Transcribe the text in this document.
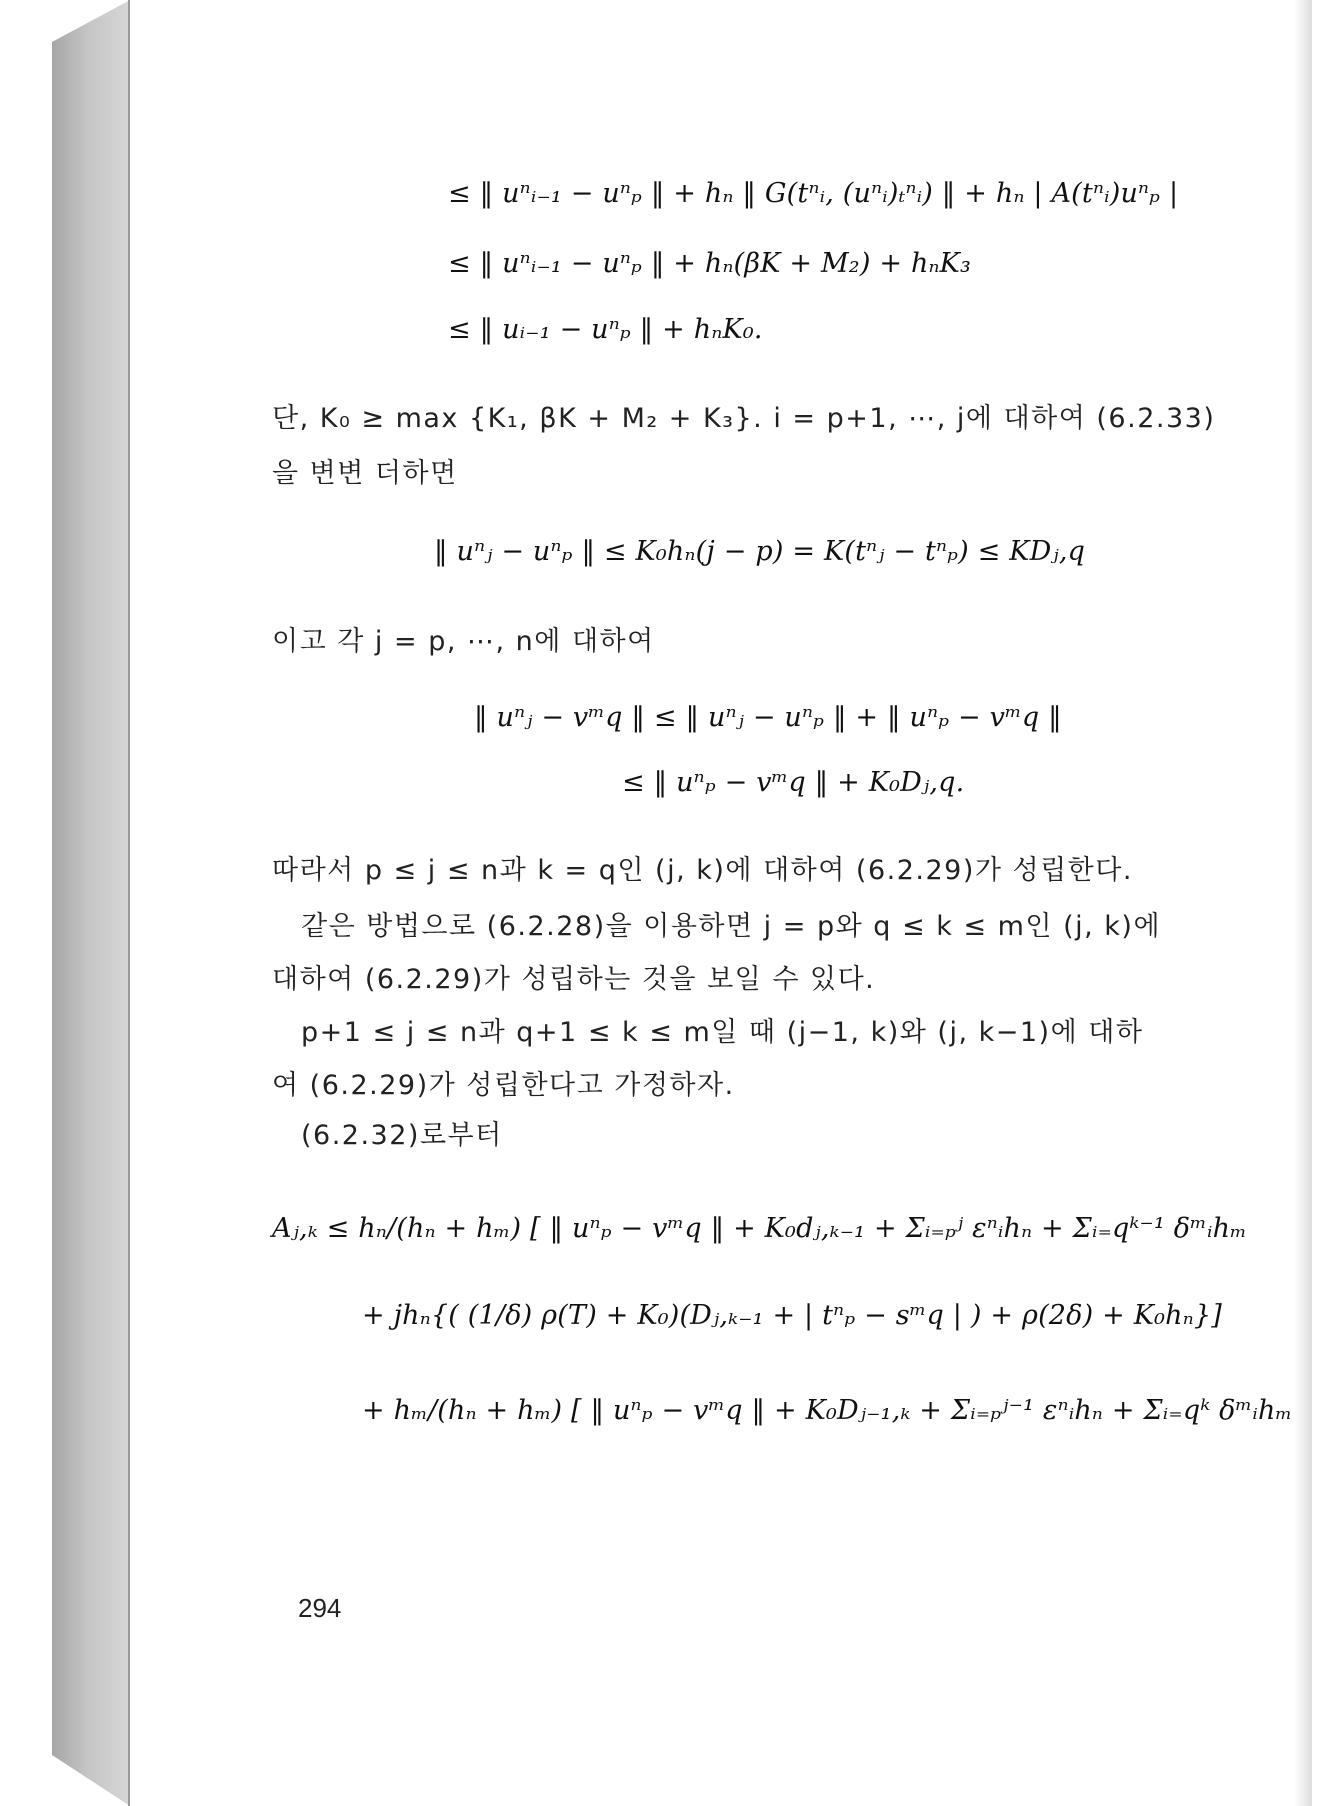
≤ ‖ uⁿᵢ₋₁ − uⁿₚ ‖ + hₙ ‖ G(tⁿᵢ, (uⁿᵢ)ₜⁿᵢ) ‖ + hₙ | A(tⁿᵢ)uⁿₚ |
≤ ‖ uⁿᵢ₋₁ − uⁿₚ ‖ + hₙ(βK + M₂) + hₙK₃
≤ ‖ uᵢ₋₁ − uⁿₚ ‖ + hₙK₀.
단, K₀ ≥ max {K₁, βK + M₂ + K₃}. i = p+1, ⋯, j에 대하여 (6.2.33)
을 변변 더하면
‖ uⁿⱼ − uⁿₚ ‖ ≤ K₀hₙ(j − p) = K(tⁿⱼ − tⁿₚ) ≤ KDⱼ,q
이고 각 j = p, ⋯, n에 대하여
‖ uⁿⱼ − vᵐq ‖ ≤ ‖ uⁿⱼ − uⁿₚ ‖ + ‖ uⁿₚ − vᵐq ‖
≤ ‖ uⁿₚ − vᵐq ‖ + K₀Dⱼ,q.
따라서 p ≤ j ≤ n과 k = q인 (j, k)에 대하여 (6.2.29)가 성립한다.
같은 방법으로 (6.2.28)을 이용하면 j = p와 q ≤ k ≤ m인 (j, k)에
대하여 (6.2.29)가 성립하는 것을 보일 수 있다.
p+1 ≤ j ≤ n과 q+1 ≤ k ≤ m일 때 (j−1, k)와 (j, k−1)에 대하
여 (6.2.29)가 성립한다고 가정하자.
(6.2.32)로부터
Aⱼ,ₖ ≤ hₙ/(hₙ + hₘ) [ ‖ uⁿₚ − vᵐq ‖ + K₀dⱼ,ₖ₋₁ + Σᵢ₌ₚʲ εⁿᵢhₙ + Σᵢ₌qᵏ⁻¹ δᵐᵢhₘ
+ jhₙ{( (1/δ) ρ(T) + K₀)(Dⱼ,ₖ₋₁ + | tⁿₚ − sᵐq | ) + ρ(2δ) + K₀hₙ}]
+ hₘ/(hₙ + hₘ) [ ‖ uⁿₚ − vᵐq ‖ + K₀Dⱼ₋₁,ₖ + Σᵢ₌ₚʲ⁻¹ εⁿᵢhₙ + Σᵢ₌qᵏ δᵐᵢhₘ
294
